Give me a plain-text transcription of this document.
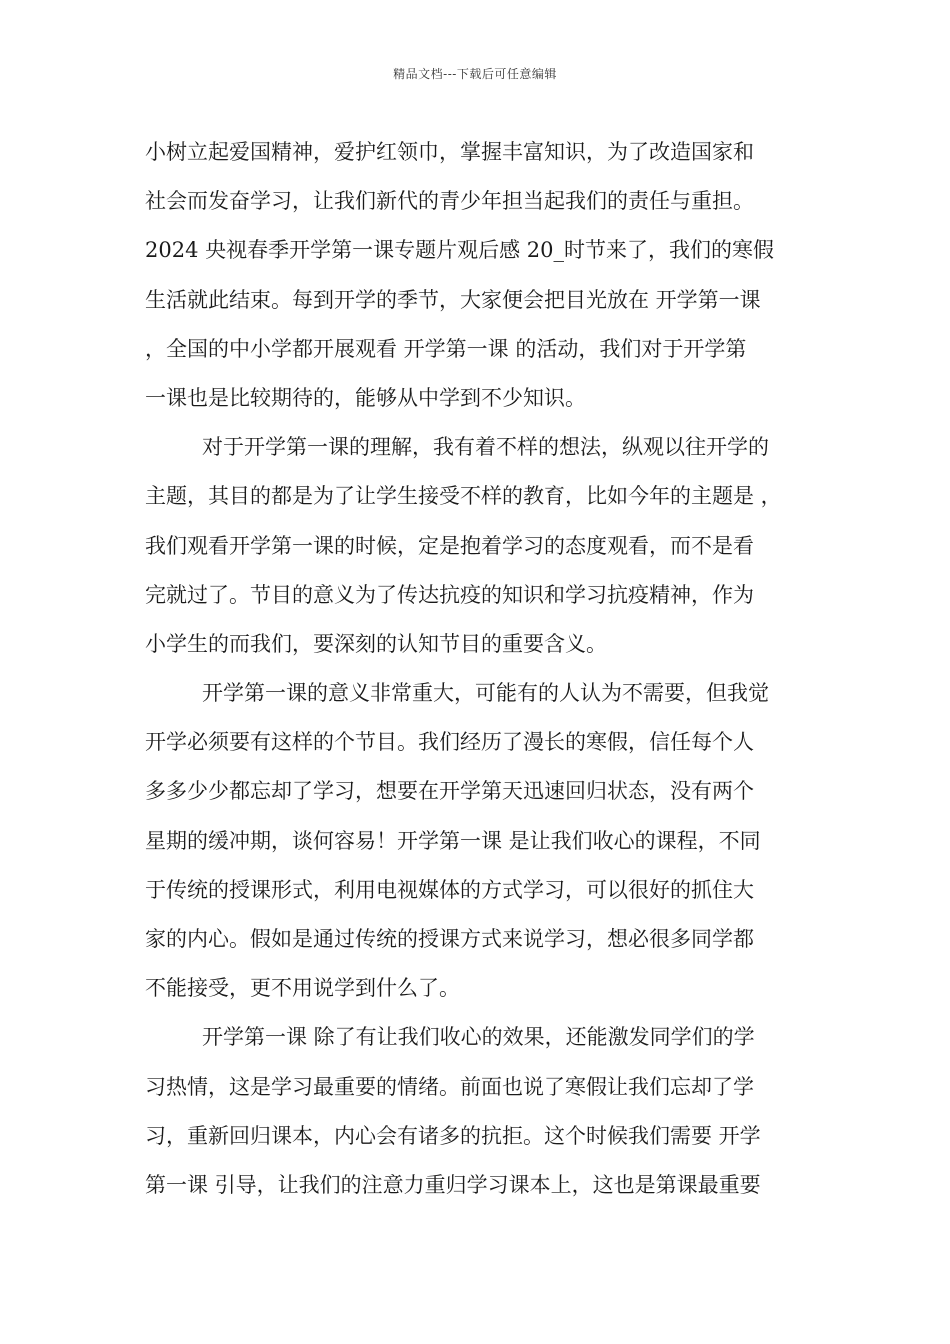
精品文档---下载后可任意编辑
小树立起爱国精神，爱护红领巾，掌握丰富知识，为了改造国家和
社会而发奋学习，让我们新代的青少年担当起我们的责任与重担。
2024 央视春季开学第一课专题片观后感 20_时节来了，我们的寒假
生活就此结束。每到开学的季节，大家便会把目光放在 开学第一课
，全国的中小学都开展观看 开学第一课 的活动，我们对于开学第
一课也是比较期待的，能够从中学到不少知识。
对于开学第一课的理解，我有着不样的想法，纵观以往开学的
主题，其目的都是为了让学生接受不样的教育，比如今年的主题是 ，
我们观看开学第一课的时候，定是抱着学习的态度观看，而不是看
完就过了。节目的意义为了传达抗疫的知识和学习抗疫精神，作为
小学生的而我们，要深刻的认知节目的重要含义。
开学第一课的意义非常重大，可能有的人认为不需要，但我觉
开学必须要有这样的个节目。我们经历了漫长的寒假，信任每个人
多多少少都忘却了学习，想要在开学第天迅速回归状态，没有两个
星期的缓冲期，谈何容易！开学第一课 是让我们收心的课程，不同
于传统的授课形式，利用电视媒体的方式学习，可以很好的抓住大
家的内心。假如是通过传统的授课方式来说学习，想必很多同学都
不能接受，更不用说学到什么了。
开学第一课 除了有让我们收心的效果，还能激发同学们的学
习热情，这是学习最重要的情绪。前面也说了寒假让我们忘却了学
习，重新回归课本，内心会有诸多的抗拒。这个时候我们需要 开学
第一课 引导，让我们的注意力重归学习课本上，这也是第课最重要
